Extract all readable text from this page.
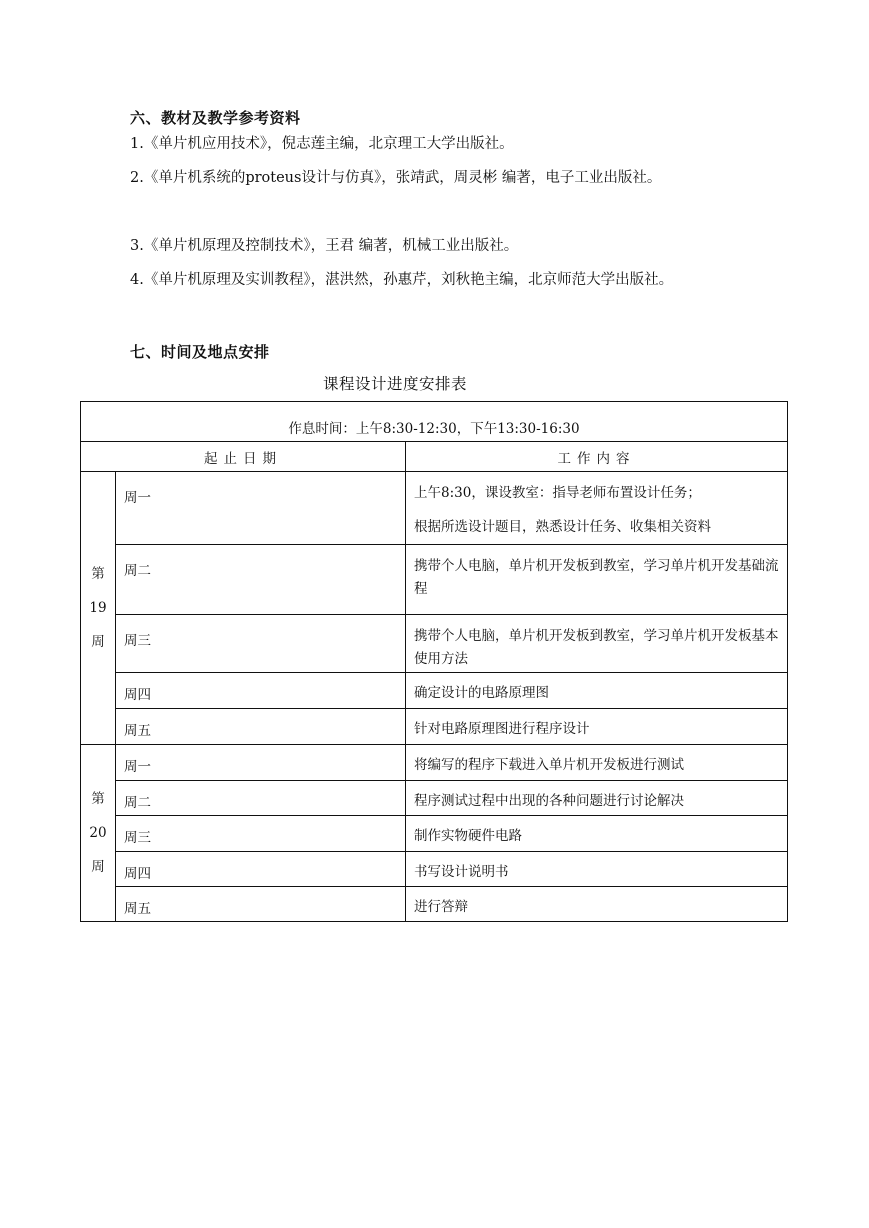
六、教材及教学参考资料

1.《单片机应用技术》，倪志莲主编，北京理工大学出版社。

2.《单片机系统的proteus设计与仿真》，张靖武，周灵彬 编著，电子工业出版社。

3.《单片机原理及控制技术》，王君 编著，机械工业出版社。

4.《单片机原理及实训教程》，湛洪然，孙惠芹，刘秋艳主编，北京师范大学出版社。

七、时间及地点安排

课程设计进度安排表

作息时间：上午8:30-12:30，下午13:30-16:30		
起止日期		工作内容
第
19
周	周一	上午8:30，课设教室：指导老师布置设计任务；
根据所选设计题目，熟悉设计任务、收集相关资料
	周二	携带个人电脑，单片机开发板到教室，学习单片机开发基础流程
	周三	携带个人电脑，单片机开发板到教室，学习单片机开发板基本使用方法
	周四	确定设计的电路原理图
	周五	针对电路原理图进行程序设计
第
20
周	周一	将编写的程序下载进入单片机开发板进行测试
	周二	程序测试过程中出现的各种问题进行讨论解决
	周三	制作实物硬件电路
	周四	书写设计说明书
	周五	进行答辩
